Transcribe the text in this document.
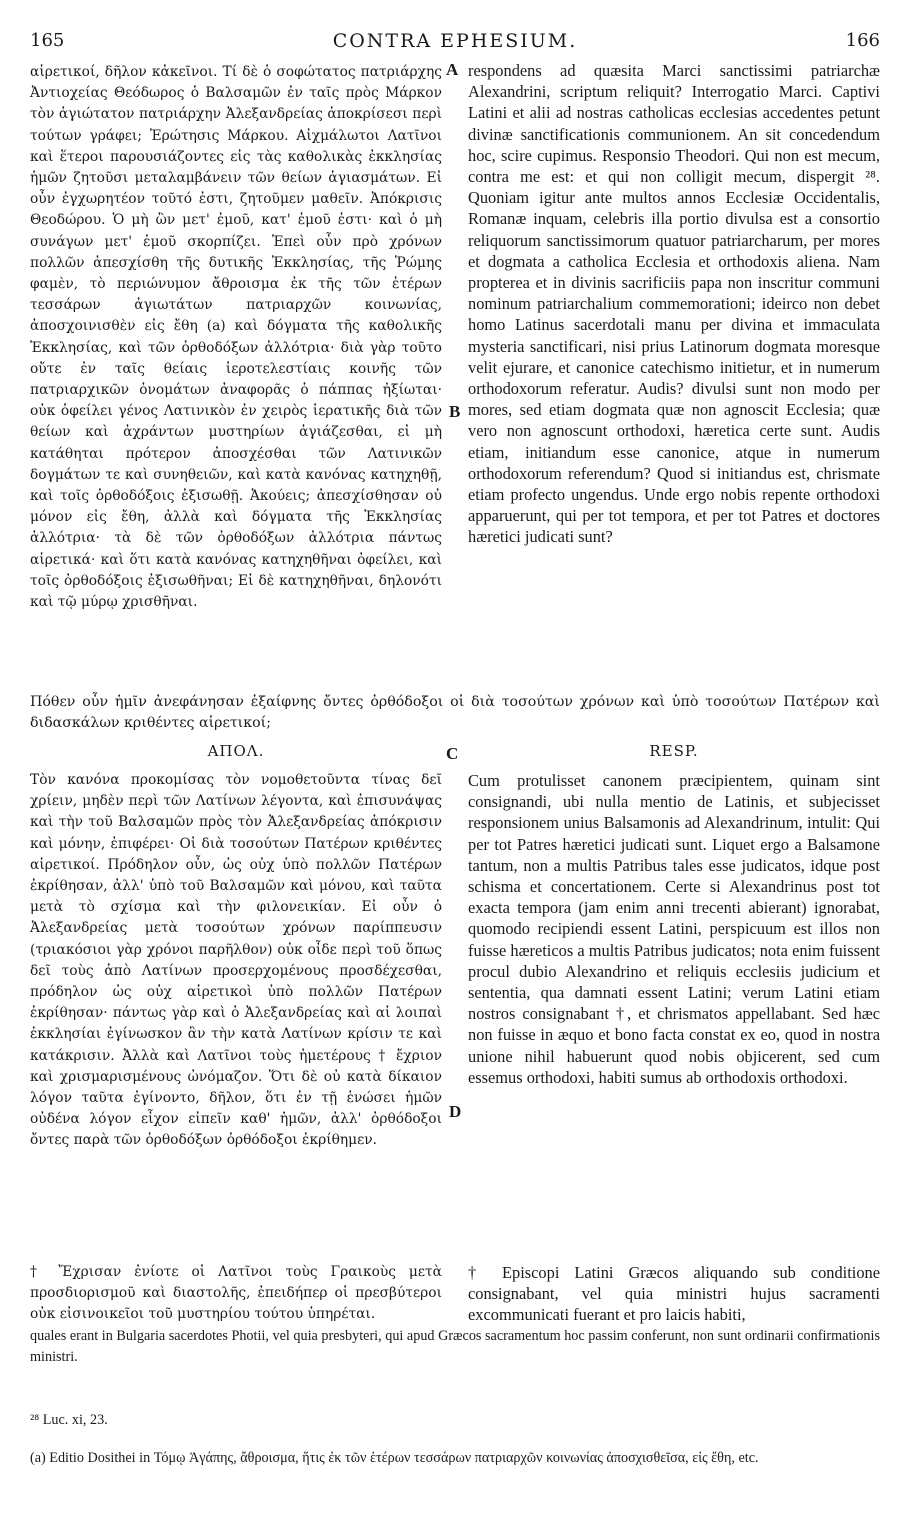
165	CONTRA EPHESIUM.	166

αἱρετικοί, δῆλον κἀκεῖνοι. Τί δὲ ὁ σοφώτατος πατριάρχης Ἀντιοχείας Θεόδωρος ὁ Βαλσαμῶν ἐν ταῖς πρὸς Μάρκον τὸν ἁγιώτατον πατριάρχην Ἀλεξανδρείας ἀποκρίσεσι περὶ τούτων γράφει; Ἐρώτησις Μάρκου. Αἰχμάλωτοι Λατῖνοι καὶ ἕτεροι παρουσιάζοντες εἰς τὰς καθολικὰς ἐκκλησίας ἡμῶν ζητοῦσι μεταλαμβάνειν τῶν θείων ἁγιασμάτων. Εἰ οὖν ἐγχωρητέον τοῦτό ἐστι, ζητοῦμεν μαθεῖν. Ἀπόκρισις Θεοδώρου. Ὁ μὴ ὢν μετ' ἐμοῦ, κατ' ἐμοῦ ἐστι· καὶ ὁ μὴ συνάγων μετ' ἐμοῦ σκορπίζει. Ἐπεὶ οὖν πρὸ χρόνων πολλῶν ἀπεσχίσθη τῆς δυτικῆς Ἐκκλησίας, τῆς Ῥώμης φαμὲν, τὸ περιώνυμον ἄθροισμα ἐκ τῆς τῶν ἑτέρων τεσσάρων ἁγιωτάτων πατριαρχῶν κοινωνίας, ἀποσχοινισθὲν εἰς ἔθη (a) καὶ δόγματα τῆς καθολικῆς Ἐκκλησίας, καὶ τῶν ὀρθοδόξων ἀλλότρια· διὰ γὰρ τοῦτο οὔτε ἐν ταῖς θείαις ἱεροτελεστίαις κοινῆς τῶν πατριαρχικῶν ὀνομάτων ἀναφορᾶς ὁ πάππας ἠξίωται· οὐκ ὀφείλει γένος Λατινικὸν ἐν χειρὸς ἱερατικῆς διὰ τῶν θείων καὶ ἀχράντων μυστηρίων ἁγιάζεσθαι, εἰ μὴ κατάθηται πρότερον ἀποσχέσθαι τῶν Λατινικῶν δογμάτων τε καὶ συνηθειῶν, καὶ κατὰ κανόνας κατηχηθῇ, καὶ τοῖς ὀρθοδόξοις ἐξισωθῇ. Ἀκούεις; ἀπεσχίσθησαν οὐ μόνον εἰς ἔθη, ἀλλὰ καὶ δόγματα τῆς Ἐκκλησίας ἀλλότρια· τὰ δὲ τῶν ὀρθοδόξων ἀλλότρια πάντως αἱρετικά· καὶ ὅτι κατὰ κανόνας κατηχηθῆναι ὀφείλει, καὶ τοῖς ὀρθοδόξοις ἐξισωθῆναι; Εἰ δὲ κατηχηθῆναι, δηλονότι καὶ τῷ μύρῳ χρισθῆναι.

A
B

respondens ad quæsita Marci sanctissimi patriarchæ Alexandrini, scriptum reliquit? Interrogatio Marci. Captivi Latini et alii ad nostras catholicas ecclesias accedentes petunt divinæ sanctificationis communionem. An sit concedendum hoc, scire cupimus. Responsio Theodori. Qui non est mecum, contra me est: et qui non colligit mecum, dispergit ²⁸. Quoniam igitur ante multos annos Ecclesiæ Occidentalis, Romanæ inquam, celebris illa portio divulsa est a consortio reliquorum sanctissimorum quatuor patriarcharum, per mores et dogmata a catholica Ecclesia et orthodoxis aliena. Nam propterea et in divinis sacrificiis papa non inscritur communi nominum patriarchalium commemorationi; ideirco non debet homo Latinus sacerdotali manu per divina et immaculata mysteria sanctificari, nisi prius Latinorum dogmata moresque velit ejurare, et canonice catechismo initietur, et in numerum orthodoxorum referatur. Audis? divulsi sunt non modo per mores, sed etiam dogmata quæ non agnoscit Ecclesia; quæ vero non agnoscunt orthodoxi, hæretica certe sunt. Audis etiam, initiandum esse canonice, atque in numerum orthodoxorum referendum? Quod si initiandus est, chrismate etiam profecto ungendus. Unde ergo nobis repente orthodoxi apparuerunt, qui per tot tempora, et per tot Patres et doctores hæretici judicati sunt?

Πόθεν οὖν ἡμῖν ἀνεφάνησαν ἐξαίφνης ὄντες ὀρθόδοξοι οἱ διὰ τοσούτων χρόνων καὶ ὑπὸ τοσούτων Πατέρων καὶ διδασκάλων κριθέντες αἱρετικοί;

ΑΠΟΛ.	C	RESP.

Τὸν κανόνα προκομίσας τὸν νομοθετοῦντα τίνας δεῖ χρίειν, μηδὲν περὶ τῶν Λατίνων λέγοντα, καὶ ἐπισυνάψας καὶ τὴν τοῦ Βαλσαμῶν πρὸς τὸν Ἀλεξανδρείας ἀπόκρισιν καὶ μόνην, ἐπιφέρει· Οἱ διὰ τοσούτων Πατέρων κριθέντες αἱρετικοί. Πρόδηλον οὖν, ὡς οὐχ ὑπὸ πολλῶν Πατέρων ἐκρίθησαν, ἀλλ' ὑπὸ τοῦ Βαλσαμῶν καὶ μόνου, καὶ ταῦτα μετὰ τὸ σχίσμα καὶ τὴν φιλονεικίαν. Εἰ οὖν ὁ Ἀλεξανδρείας μετὰ τοσούτων χρόνων παρίππευσιν (τριακόσιοι γὰρ χρόνοι παρῆλθον) οὐκ οἶδε περὶ τοῦ ὅπως δεῖ τοὺς ἀπὸ Λατίνων προσερχομένους προσδέχεσθαι, πρόδηλον ὡς οὐχ αἱρετικοὶ ὑπὸ πολλῶν Πατέρων ἐκρίθησαν· πάντως γὰρ καὶ ὁ Ἀλεξανδρείας καὶ αἱ λοιπαὶ ἐκκλησίαι ἐγίνωσκον ἂν τὴν κατὰ Λατίνων κρίσιν τε καὶ κατάκρισιν. Ἀλλὰ καὶ Λατῖνοι τοὺς ἡμετέρους † ἔχριον καὶ χρισμαρισμένους ὠνόμαζον. Ὅτι δὲ οὐ κατὰ δίκαιον λόγον ταῦτα ἐγίνοντο, δῆλον, ὅτι ἐν τῇ ἑνώσει ἡμῶν οὐδένα λόγον εἶχον εἰπεῖν καθ' ἡμῶν, ἀλλ' ὀρθόδοξοι ὄντες παρὰ τῶν ὀρθοδόξων ὀρθόδοξοι ἐκρίθημεν.

D

Cum protulisset canonem præcipientem, quinam sint consignandi, ubi nulla mentio de Latinis, et subjecisset responsionem unius Balsamonis ad Alexandrinum, intulit: Qui per tot Patres hæretici judicati sunt. Liquet ergo a Balsamone tantum, non a multis Patribus tales esse judicatos, idque post schisma et concertationem. Certe si Alexandrinus post tot exacta tempora (jam enim anni trecenti abierant) ignorabat, quomodo recipiendi essent Latini, perspicuum est illos non fuisse hæreticos a multis Patribus judicatos; nota enim fuissent procul dubio Alexandrino et reliquis ecclesiis judicium et sententia, qua damnati essent Latini; verum Latini etiam nostros consignabant †, et chrismatos appellabant. Sed hæc non fuisse in æquo et bono facta constat ex eo, quod in nostra unione nihil habuerunt quod nobis objicerent, sed cum essemus orthodoxi, habiti sumus ab orthodoxis orthodoxi.

† Ἔχρισαν ἐνίοτε οἱ Λατῖνοι τοὺς Γραικοὺς μετὰ προσδιορισμοῦ καὶ διαστολῆς, ἐπειδήπερ οἱ πρεσβύτεροι οὐκ εἰσινοικεῖοι τοῦ μυστηρίου τούτου ὑπηρέται.

† Episcopi Latini Græcos aliquando sub conditione consignabant, vel quia ministri hujus sacramenti excommunicati fuerant et pro laicis habiti,

quales erant in Bulgaria sacerdotes Photii, vel quia presbyteri, qui apud Græcos sacramentum hoc passim conferunt, non sunt ordinarii confirmationis ministri.

²⁸ Luc. xi, 23.

(a) Editio Dosithei in Τόμῳ Ἀγάπης, ἄθροισμα, ἥτις ἐκ τῶν ἑτέρων τεσσάρων πατριαρχῶν κοινωνίας ἀποσχισθεῖσα, εἰς ἔθη, etc.
